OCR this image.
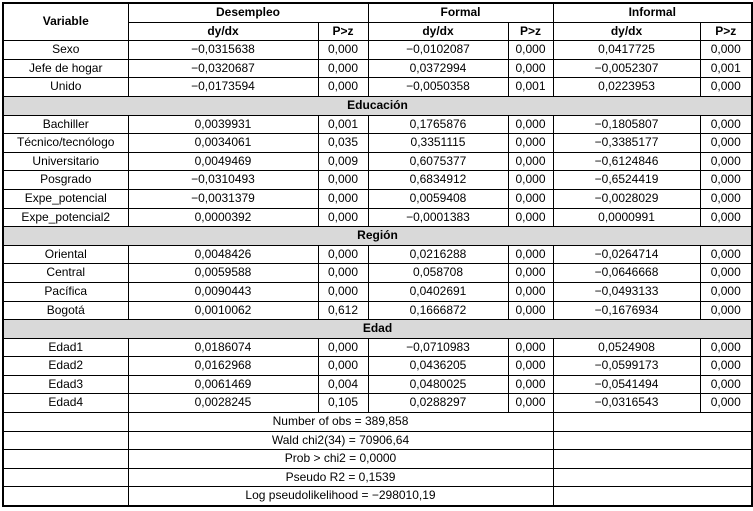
Variable	Desempleo		Formal		Informal	
	dy/dx	P>z	dy/dx	P>z	dy/dx	P>z
Sexo	−0,0315638	0,000	−0,0102087	0,000	0,0417725	0,000
Jefe de hogar	−0,0320687	0,000	0,0372994	0,000	−0,0052307	0,001
Unido	−0,0173594	0,000	−0,0050358	0,001	0,0223953	0,000
Educación						
Bachiller	0,0039931	0,001	0,1765876	0,000	−0,1805807	0,000
Técnico/tecnólogo	0,0034061	0,035	0,3351115	0,000	−0,3385177	0,000
Universitario	0,0049469	0,009	0,6075377	0,000	−0,6124846	0,000
Posgrado	−0,0310493	0,000	0,6834912	0,000	−0,6524419	0,000
Expe_potencial	−0,0031379	0,000	0,0059408	0,000	−0,0028029	0,000
Expe_potencial2	0,0000392	0,000	−0,0001383	0,000	0,0000991	0,000
Región						
Oriental	0,0048426	0,000	0,0216288	0,000	−0,0264714	0,000
Central	0,0059588	0,000	0,058708	0,000	−0,0646668	0,000
Pacífica	0,0090443	0,000	0,0402691	0,000	−0,0493133	0,000
Bogotá	0,0010062	0,612	0,1666872	0,000	−0,1676934	0,000
Edad						
Edad1	0,0186074	0,000	−0,0710983	0,000	0,0524908	0,000
Edad2	0,0162968	0,000	0,0436205	0,000	−0,0599173	0,000
Edad3	0,0061469	0,004	0,0480025	0,000	−0,0541494	0,000
Edad4	0,0028245	0,105	0,0288297	0,000	−0,0316543	0,000
	Number of obs = 389,858					
	Wald chi2(34) = 70906,64					
	Prob > chi2 = 0,0000					
	Pseudo R2 = 0,1539					
	Log pseudolikelihood = −298010,19					
